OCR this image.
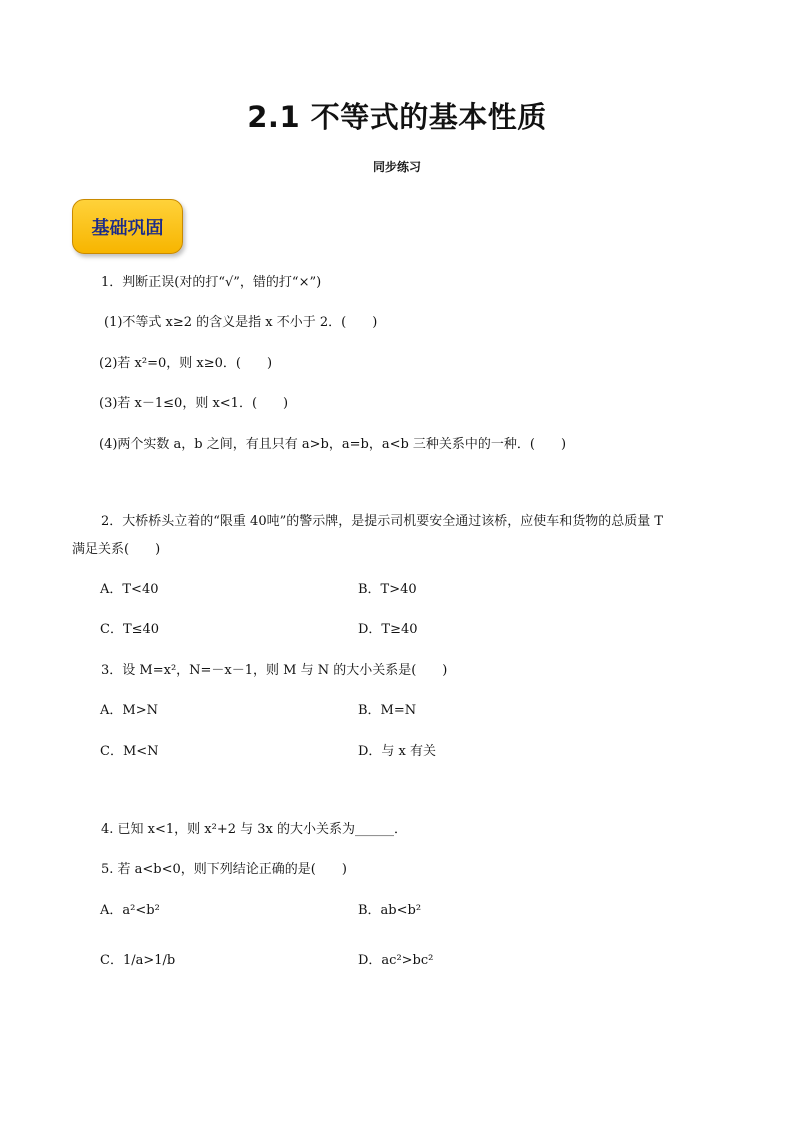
2.1 不等式的基本性质
同步练习
基础巩固
1．判断正误(对的打“√”，错的打“×”)
(1)不等式 x≥2 的含义是指 x 不小于 2．(　　)
(2)若 x²=0，则 x≥0．(　　)
(3)若 x－1≤0，则 x<1．(　　)
(4)两个实数 a，b 之间，有且只有 a>b，a=b，a<b 三种关系中的一种．(　　)
2．大桥桥头立着的“限重 40吨”的警示牌，是提示司机要安全通过该桥，应使车和货物的总质量 T
满足关系(　　)
A．T<40	B．T>40
C．T≤40	D．T≥40
3．设 M=x²，N=－x－1，则 M 与 N 的大小关系是(　　)
A．M>N	B．M=N
C．M<N	D．与 x 有关
4. 已知 x<1，则 x²+2 与 3x 的大小关系为______．
5. 若 a<b<0，则下列结论正确的是(　　)
A．a²<b²	B．ab<b²
C．1/a>1/b	D．ac²>bc²
